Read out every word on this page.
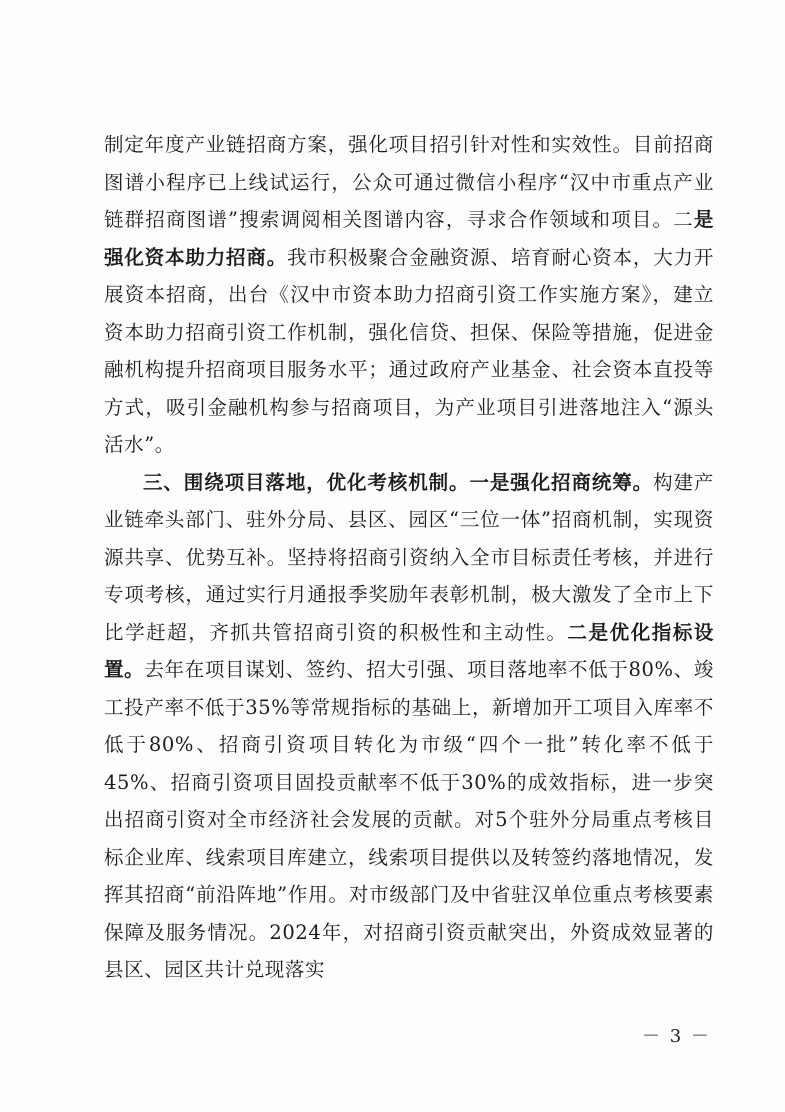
制定年度产业链招商方案，强化项目招引针对性和实效性。目前招商图谱小程序已上线试运行，公众可通过微信小程序“汉中市重点产业链群招商图谱”搜索调阅相关图谱内容，寻求合作领域和项目。二是强化资本助力招商。我市积极聚合金融资源、培育耐心资本，大力开展资本招商，出台《汉中市资本助力招商引资工作实施方案》，建立资本助力招商引资工作机制，强化信贷、担保、保险等措施，促进金融机构提升招商项目服务水平；通过政府产业基金、社会资本直投等方式，吸引金融机构参与招商项目，为产业项目引进落地注入“源头活水”。

三、围绕项目落地，优化考核机制。一是强化招商统筹。构建产业链牵头部门、驻外分局、县区、园区“三位一体”招商机制，实现资源共享、优势互补。坚持将招商引资纳入全市目标责任考核，并进行专项考核，通过实行月通报季奖励年表彰机制，极大激发了全市上下比学赶超，齐抓共管招商引资的积极性和主动性。二是优化指标设置。去年在项目谋划、签约、招大引强、项目落地率不低于80%、竣工投产率不低于35%等常规指标的基础上，新增加开工项目入库率不低于80%、招商引资项目转化为市级“四个一批”转化率不低于45%、招商引资项目固投贡献率不低于30%的成效指标，进一步突出招商引资对全市经济社会发展的贡献。对5个驻外分局重点考核目标企业库、线索项目库建立，线索项目提供以及转签约落地情况，发挥其招商“前沿阵地”作用。对市级部门及中省驻汉单位重点考核要素保障及服务情况。2024年，对招商引资贡献突出，外资成效显著的县区、园区共计兑现落实

－ 3 －
